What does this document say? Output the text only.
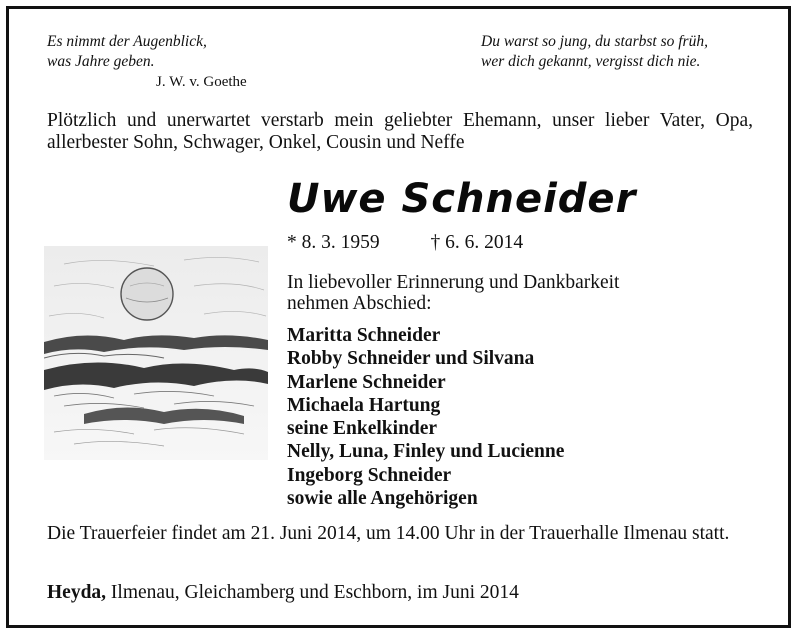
Es nimmt der Augenblick,
was Jahre geben.
J. W. v. Goethe
Du warst so jung, du starbst so früh,
wer dich gekannt, vergisst dich nie.
Plötzlich und unerwartet verstarb mein geliebter Ehemann, unser lieber Vater, Opa, allerbester Sohn, Schwager, Onkel, Cousin und Neffe
Uwe Schneider
* 8. 3. 1959	† 6. 6. 2014
In liebevoller Erinnerung und Dankbarkeit
nehmen Abschied:
Maritta Schneider
Robby Schneider und Silvana
Marlene Schneider
Michaela Hartung
seine Enkelkinder
Nelly, Luna, Finley und Lucienne
Ingeborg Schneider
sowie alle Angehörigen
Die Trauerfeier findet am 21. Juni 2014, um 14.00 Uhr in der Trauerhalle Ilmenau statt.
Heyda, Ilmenau, Gleichamberg und Eschborn, im Juni 2014
